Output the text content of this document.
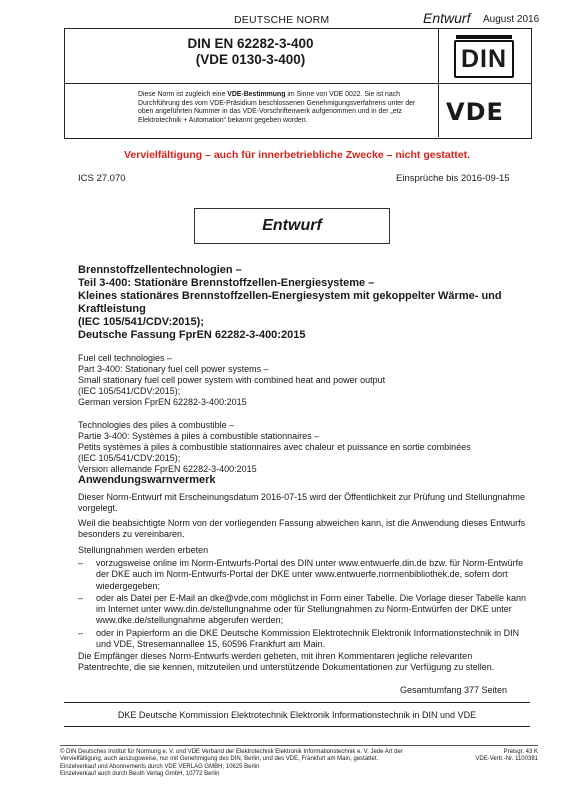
DEUTSCHE NORM	Entwurf August 2016
DIN EN 62282-3-400
(VDE 0130-3-400)	DIN
Diese Norm ist zugleich eine VDE-Bestimmung im Sinne von VDE 0022. Sie ist nach Durchführung des vom VDE-Präsidium beschlossenen Genehmigungsverfahrens unter der oben angeführten Nummer in das VDE-Vorschriftenwerk aufgenommen und in der „etz Elektrotechnik + Automation“ bekannt gegeben worden.	VDE
Vervielfältigung – auch für innerbetriebliche Zwecke – nicht gestattet.
ICS 27.070	Einsprüche bis 2016-09-15
Entwurf
Brennstoffzellentechnologien –
Teil 3-400: Stationäre Brennstoffzellen-Energiesysteme –
Kleines stationäres Brennstoffzellen-Energiesystem mit gekoppelter Wärme- und Kraftleistung
(IEC 105/541/CDV:2015);
Deutsche Fassung FprEN 62282-3-400:2015
Fuel cell technologies –
Part 3-400: Stationary fuel cell power systems –
Small stationary fuel cell power system with combined heat and power output
(IEC 105/541/CDV:2015);
German version FprEN 62282-3-400:2015
Technologies des piles à combustible –
Partie 3-400: Systèmes à piles à combustible stationnaires –
Petits systèmes à piles à combustible stationnaires avec chaleur et puissance en sortie combinées
(IEC 105/541/CDV:2015);
Version allemande FprEN 62282-3-400:2015
Anwendungswarnvermerk
Dieser Norm-Entwurf mit Erscheinungsdatum 2016-07-15 wird der Öffentlichkeit zur Prüfung und Stellungnahme vorgelegt.
Weil die beabsichtigte Norm von der vorliegenden Fassung abweichen kann, ist die Anwendung dieses Entwurfs besonders zu vereinbaren.
Stellungnahmen werden erbeten
–	vorzugsweise online im Norm-Entwurfs-Portal des DIN unter www.entwuerfe.din.de bzw. für Norm-Entwürfe der DKE auch im Norm-Entwurfs-Portal der DKE unter www.entwuerfe.normenbibliothek.de, sofern dort wiedergegeben;
–	oder als Datei per E-Mail an dke@vde.com möglichst in Form einer Tabelle. Die Vorlage dieser Tabelle kann im Internet unter www.din.de/stellungnahme oder für Stellungnahmen zu Norm-Entwürfen der DKE unter www.dke.de/stellungnahme abgerufen werden;
–	oder in Papierform an die DKE Deutsche Kommission Elektrotechnik Elektronik Informationstechnik in DIN und VDE, Stresemannallee 15, 60596 Frankfurt am Main.
Die Empfänger dieses Norm-Entwurfs werden gebeten, mit ihren Kommentaren jegliche relevanten Patentrechte, die sie kennen, mitzuteilen und unterstützende Dokumentationen zur Verfügung zu stellen.
Gesamtumfang 377 Seiten
DKE Deutsche Kommission Elektrotechnik Elektronik Informationstechnik in DIN und VDE
© DIN Deutsches Institut für Normung e. V. und VDE Verband der Elektrotechnik Elektronik Informationstechnik e. V. Jede Art der Vervielfältigung, auch auszugsweise, nur mit Genehmigung des DIN, Berlin, und des VDE, Frankfurt am Main, gestattet.
Einzelverkauf und Abonnements durch VDE VERLAG GMBH, 10625 Berlin
Einzelverkauf auch durch Beuth Verlag GmbH, 10772 Berlin
Preisgr. 43 K
VDE-Vertr.-Nr. 1100381
